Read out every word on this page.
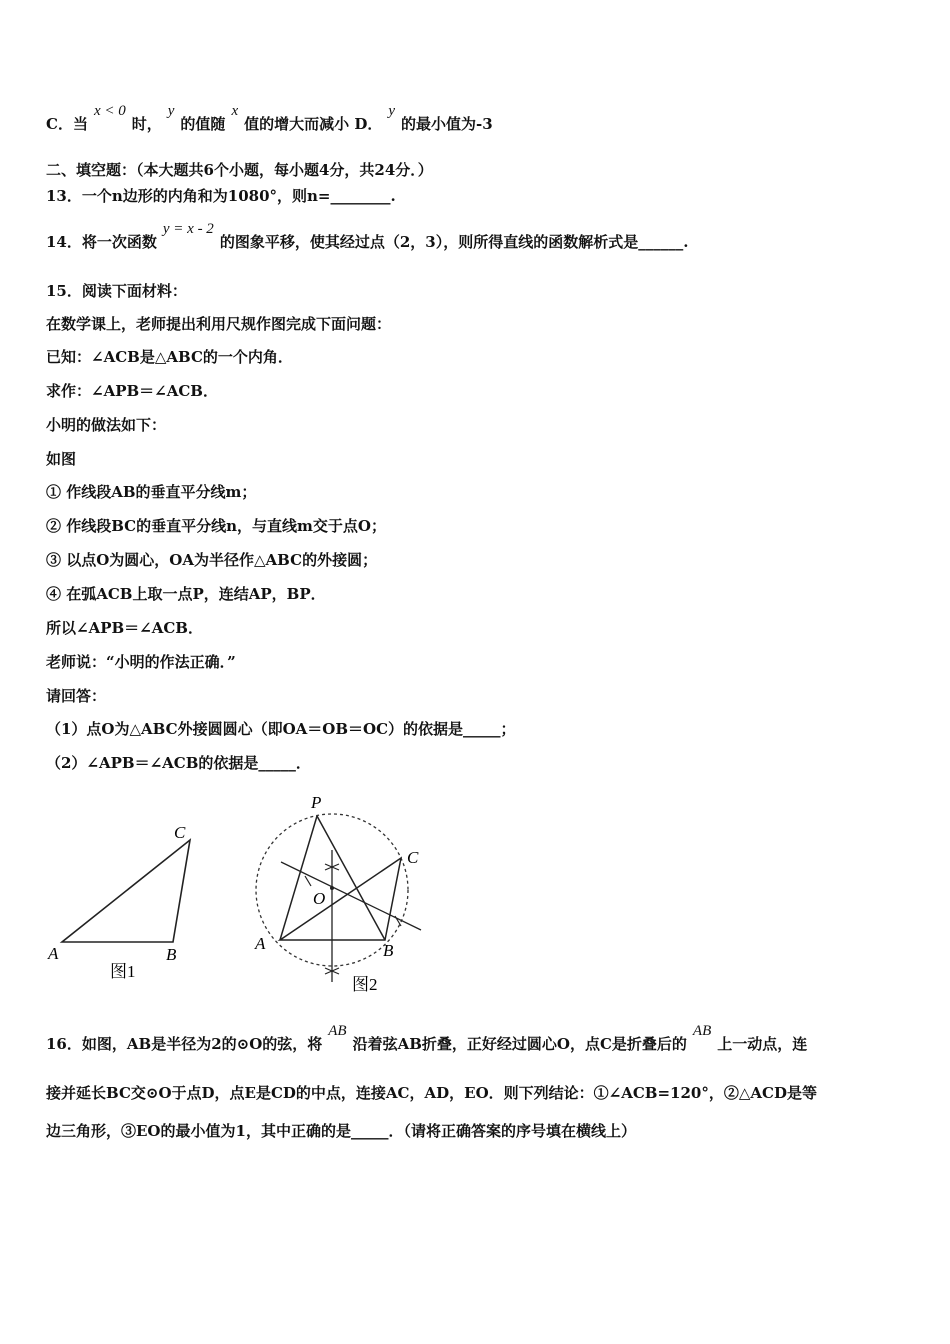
C．当x < 0时，y的值随x值的增大而减小 D．y的最小值为-3
二、填空题：（本大题共6个小题，每小题4分，共24分．）
13．一个n边形的内角和为1080°，则n=________.
14．将一次函数y = x - 2的图象平移，使其经过点（2，3），则所得直线的函数解析式是______.
15．阅读下面材料：
在数学课上，老师提出利用尺规作图完成下面问题：
已知：∠ACB是△ABC的一个内角．
求作：∠APB＝∠ACB．
小明的做法如下：
如图
① 作线段AB的垂直平分线m；
② 作线段BC的垂直平分线n，与直线m交于点O；
③ 以点O为圆心，OA为半径作△ABC的外接圆；
④ 在弧ACB上取一点P，连结AP，BP．
所以∠APB＝∠ACB．
老师说：“小明的作法正确．”
请回答：
（1）点O为△ABC外接圆圆心（即OA＝OB＝OC）的依据是_____；
（2）∠APB＝∠ACB的依据是_____．
A	B
C
图1
P
C
O
A	B
图2
16．如图，AB是半径为2的⊙O的弦，将AB沿着弦AB折叠，正好经过圆心O，点C是折叠后的AB上一动点，连
接并延长BC交⊙O于点D，点E是CD的中点，连接AC，AD，EO．则下列结论：①∠ACB=120°，②△ACD是等
边三角形，③EO的最小值为1，其中正确的是_____．（请将正确答案的序号填在横线上）
